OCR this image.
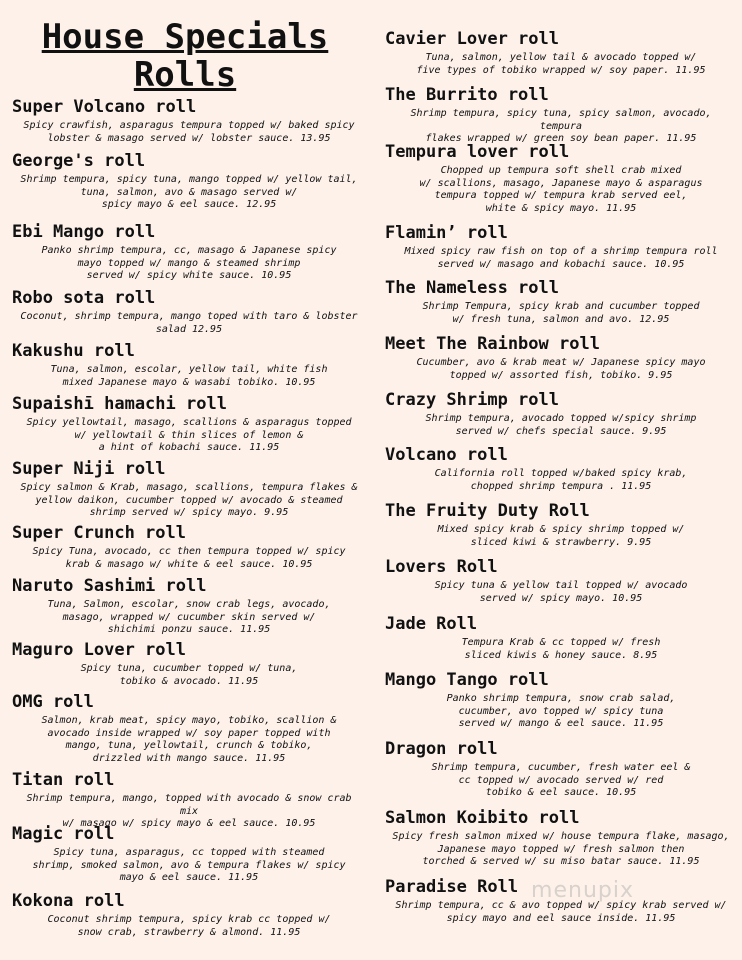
House Specials
Rolls
Super Volcano roll
Spicy crawfish, asparagus tempura topped w/ baked spicy
lobster & masago served w/ lobster sauce. 13.95
George's roll
Shrimp tempura, spicy tuna, mango topped w/ yellow tail,
tuna, salmon, avo & masago served w/
spicy mayo & eel sauce. 12.95
Ebi Mango roll
Panko shrimp tempura, cc, masago & Japanese spicy
mayo topped w/ mango & steamed shrimp
served w/ spicy white sauce. 10.95
Robo sota roll
Coconut, shrimp tempura, mango toped with taro & lobster
salad 12.95
Kakushu roll
Tuna, salmon, escolar, yellow tail, white fish
mixed Japanese mayo & wasabi tobiko. 10.95
Supaishī hamachi roll
Spicy yellowtail, masago, scallions & asparagus topped
w/ yellowtail & thin slices of lemon &
a hint of kobachi sauce. 11.95
Super Niji roll
Spicy salmon & Krab, masago, scallions, tempura flakes &
yellow daikon, cucumber topped w/ avocado & steamed
shrimp served w/ spicy mayo. 9.95
Super Crunch roll
Spicy Tuna, avocado, cc then tempura topped w/ spicy
krab & masago w/ white & eel sauce. 10.95
Naruto Sashimi roll
Tuna, Salmon, escolar, snow crab legs, avocado,
masago, wrapped w/ cucumber skin served w/
shichimi ponzu sauce. 11.95
Maguro Lover roll
Spicy tuna, cucumber topped w/ tuna,
tobiko & avocado. 11.95
OMG roll
Salmon, krab meat, spicy mayo, tobiko, scallion &
avocado inside wrapped w/ soy paper topped with
mango, tuna, yellowtail, crunch & tobiko,
drizzled with mango sauce. 11.95
Titan roll
Shrimp tempura, mango, topped with avocado & snow crab mix
w/ masago w/ spicy mayo & eel sauce. 10.95
Magic roll
Spicy tuna, asparagus, cc topped with steamed
shrimp, smoked salmon, avo & tempura flakes w/ spicy
mayo & eel sauce. 11.95
Kokona roll
Coconut shrimp tempura, spicy krab cc topped w/
snow crab, strawberry & almond. 11.95
Cavier Lover roll
Tuna, salmon, yellow tail & avocado topped w/
five types of tobiko wrapped w/ soy paper. 11.95
The Burrito roll
Shrimp tempura, spicy tuna, spicy salmon, avocado, tempura
flakes wrapped w/ green soy bean paper. 11.95
Tempura lover roll
Chopped up tempura soft shell crab mixed
w/ scallions, masago, Japanese mayo & asparagus
tempura topped w/ tempura krab served eel,
white & spicy mayo. 11.95
Flamin’ roll
Mixed spicy raw fish on top of a shrimp tempura roll
served w/ masago and kobachi sauce. 10.95
The Nameless roll
Shrimp Tempura, spicy krab and cucumber topped
w/ fresh tuna, salmon and avo. 12.95
Meet The Rainbow roll
Cucumber, avo & krab meat w/ Japanese spicy mayo
topped w/ assorted fish, tobiko. 9.95
Crazy Shrimp roll
Shrimp tempura, avocado topped w/spicy shrimp
served w/ chefs special sauce. 9.95
Volcano roll
California roll topped w/baked spicy krab,
chopped shrimp tempura . 11.95
The Fruity Duty Roll
Mixed spicy krab & spicy shrimp topped w/
sliced kiwi & strawberry. 9.95
Lovers Roll
Spicy tuna & yellow tail topped w/ avocado
served w/ spicy mayo. 10.95
Jade Roll
Tempura Krab & cc topped w/ fresh
sliced kiwis & honey sauce. 8.95
Mango Tango roll
Panko shrimp tempura, snow crab salad,
cucumber, avo topped w/ spicy tuna
served w/ mango & eel sauce. 11.95
Dragon roll
Shrimp tempura, cucumber, fresh water eel &
cc topped w/ avocado served w/ red
tobiko & eel sauce. 10.95
Salmon Koibito roll
Spicy fresh salmon mixed w/ house tempura flake, masago,
Japanese mayo topped w/ fresh salmon then
torched & served w/ su miso batar sauce. 11.95
Paradise Roll
Shrimp tempura, cc & avo topped w/ spicy krab served w/
spicy mayo and eel sauce inside. 11.95
menupix
